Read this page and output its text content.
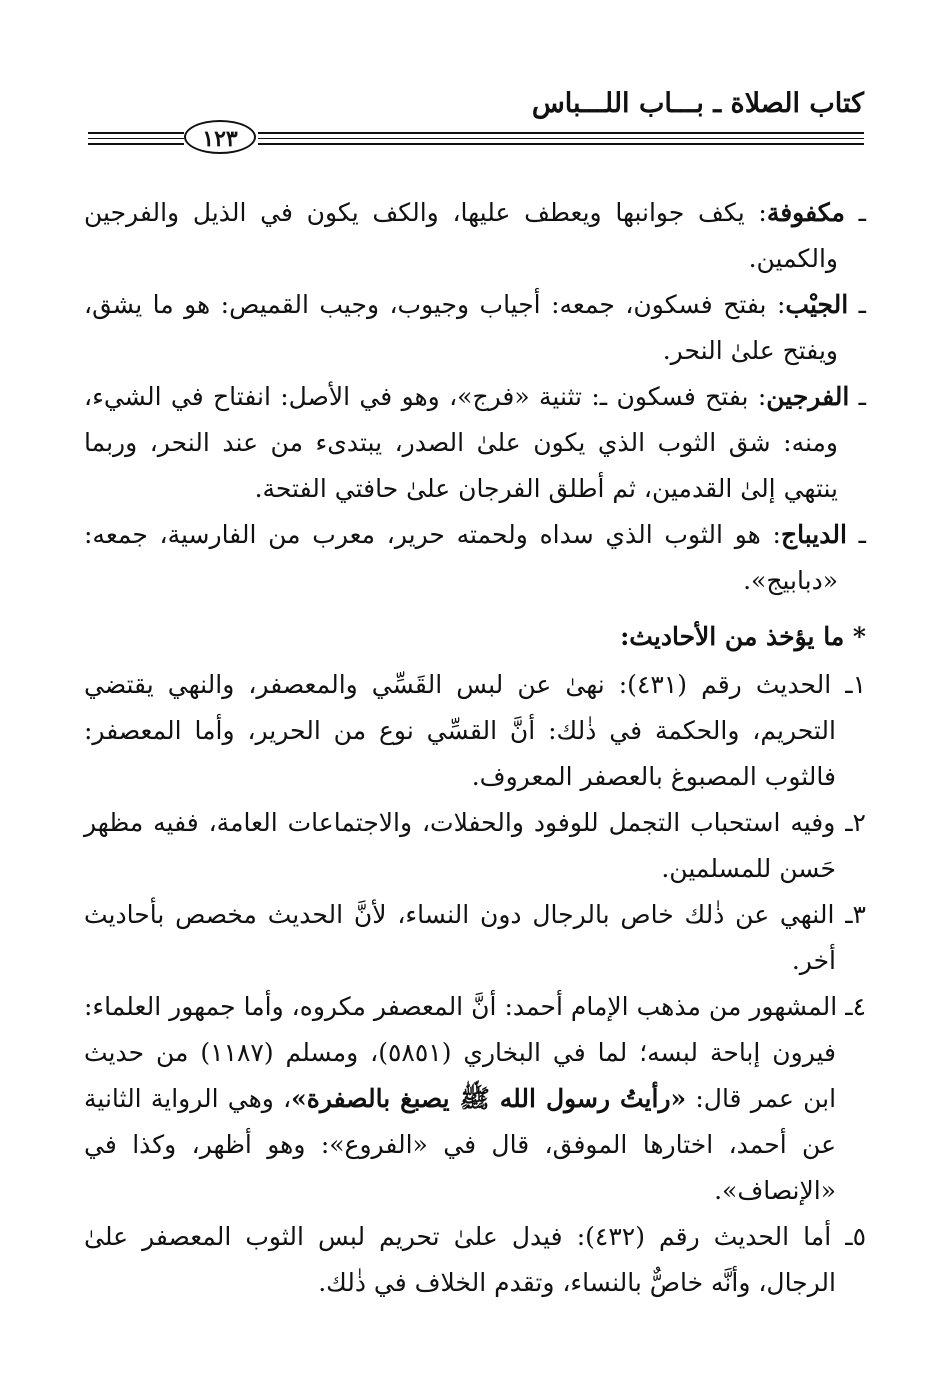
كتاب الصلاة ـ بـــاب اللـــباس
١٢٣

ـ مكفوفة: يكف جوانبها ويعطف عليها، والكف يكون في الذيل والفرجين والكمين.

ـ الجيْب: بفتح فسكون، جمعه: أجياب وجيوب، وجيب القميص: هو ما يشق، ويفتح علىٰ النحر.

ـ الفرجين: بفتح فسكون ـ: تثنية «فرج»، وهو في الأصل: انفتاح في الشيء، ومنه: شق الثوب الذي يكون علىٰ الصدر، يبتدىء من عند النحر، وربما ينتهي إلىٰ القدمين، ثم أطلق الفرجان علىٰ حافتي الفتحة.

ـ الديباج: هو الثوب الذي سداه ولحمته حرير، معرب من الفارسية، جمعه: «دبابيج».

* ما يؤخذ من الأحاديث:

١ـ الحديث رقم (٤٣١): نهىٰ عن لبس القَسِّي والمعصفر، والنهي يقتضي التحريم، والحكمة في ذٰلك: أنَّ القسِّي نوع من الحرير، وأما المعصفر: فالثوب المصبوغ بالعصفر المعروف.

٢ـ وفيه استحباب التجمل للوفود والحفلات، والاجتماعات العامة، ففيه مظهر حَسن للمسلمين.

٣ـ النهي عن ذٰلك خاص بالرجال دون النساء، لأنَّ الحديث مخصص بأحاديث أخر.

٤ـ المشهور من مذهب الإمام أحمد: أنَّ المعصفر مكروه، وأما جمهور العلماء: فيرون إباحة لبسه؛ لما في البخاري (٥٨٥١)، ومسلم (١١٨٧) من حديث ابن عمر قال: «رأيتُ رسول الله ﷺ يصبغ بالصفرة»، وهي الرواية الثانية عن أحمد، اختارها الموفق، قال في «الفروع»: وهو أظهر، وكذا في «الإنصاف».

٥ـ أما الحديث رقم (٤٣٢): فيدل علىٰ تحريم لبس الثوب المعصفر علىٰ الرجال، وأنَّه خاصٌّ بالنساء، وتقدم الخلاف في ذٰلك.
